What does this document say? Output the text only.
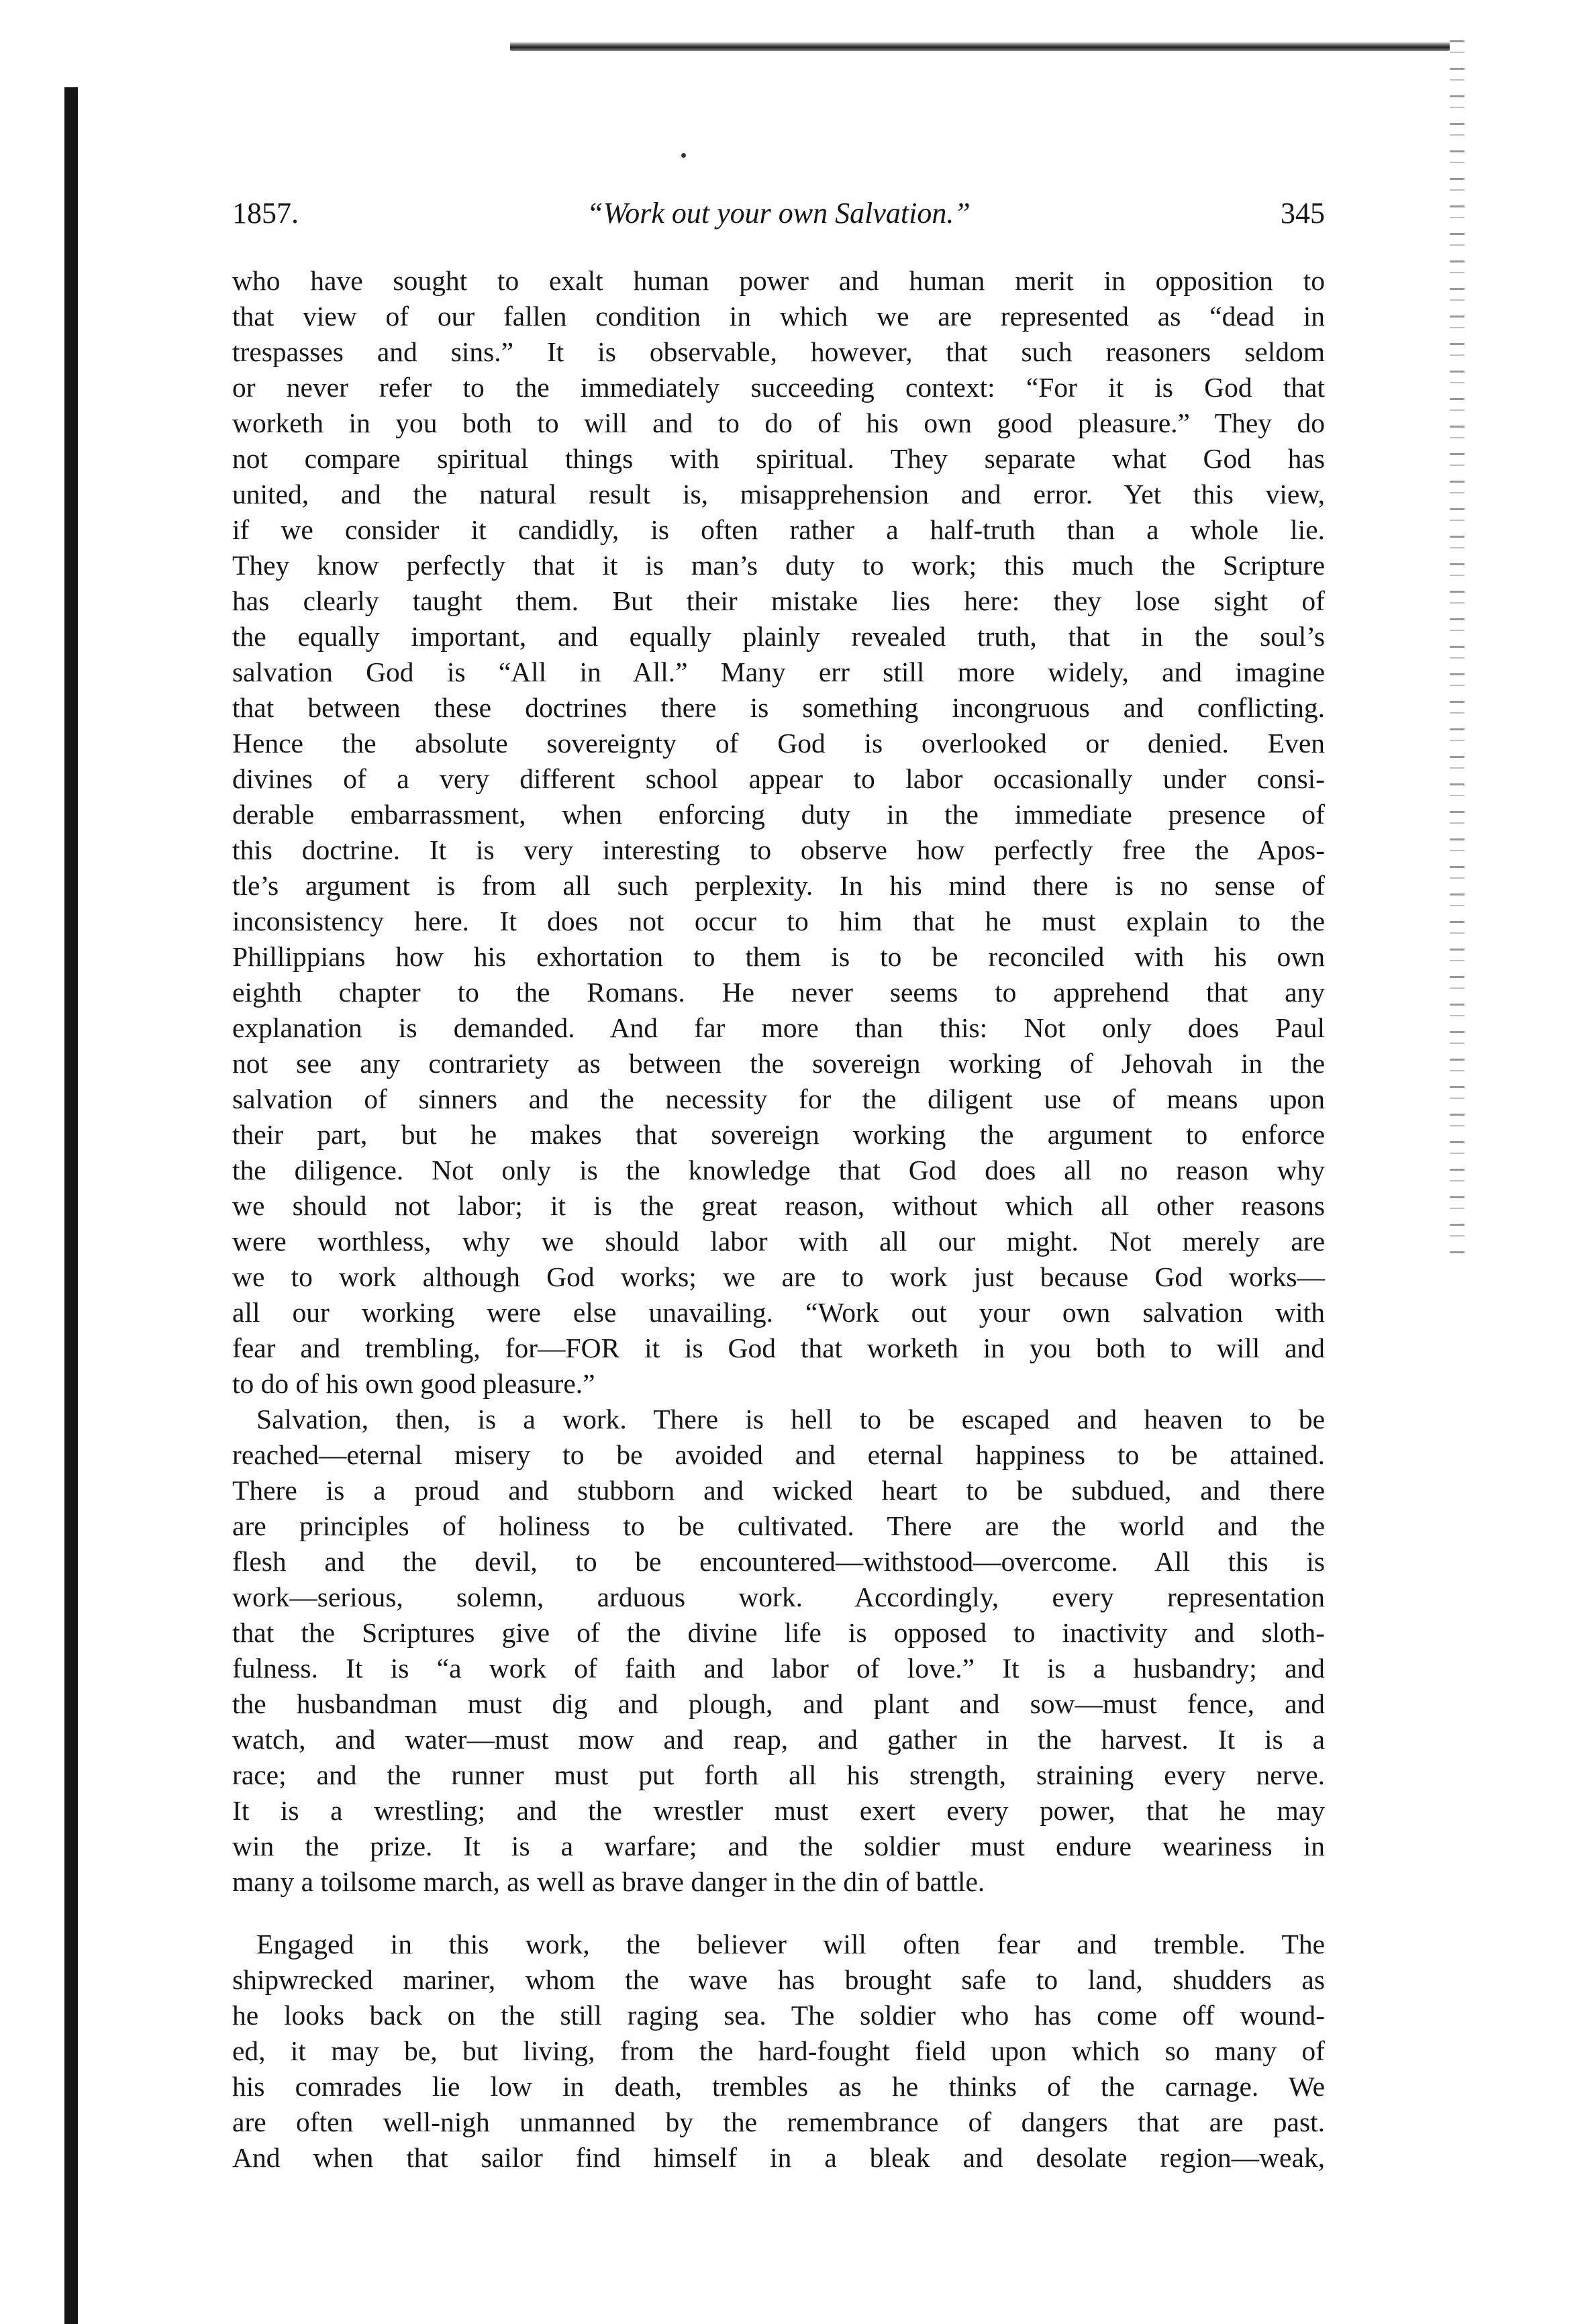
1857.	“Work out your own Salvation.”	345
who have sought to exalt human power and human merit in opposition to
that view of our fallen condition in which we are represented as “dead in
trespasses and sins.” It is observable, however, that such reasoners seldom
or never refer to the immediately succeeding context: “For it is God that
worketh in you both to will and to do of his own good pleasure.” They do
not compare spiritual things with spiritual. They separate what God has
united, and the natural result is, misapprehension and error. Yet this view,
if we consider it candidly, is often rather a half-truth than a whole lie.
They know perfectly that it is man’s duty to work; this much the Scripture
has clearly taught them. But their mistake lies here: they lose sight of
the equally important, and equally plainly revealed truth, that in the soul’s
salvation God is “All in All.” Many err still more widely, and imagine
that between these doctrines there is something incongruous and conflicting.
Hence the absolute sovereignty of God is overlooked or denied. Even
divines of a very different school appear to labor occasionally under consi-
derable embarrassment, when enforcing duty in the immediate presence of
this doctrine. It is very interesting to observe how perfectly free the Apos-
tle’s argument is from all such perplexity. In his mind there is no sense of
inconsistency here. It does not occur to him that he must explain to the
Phillippians how his exhortation to them is to be reconciled with his own
eighth chapter to the Romans. He never seems to apprehend that any
explanation is demanded. And far more than this: Not only does Paul
not see any contrariety as between the sovereign working of Jehovah in the
salvation of sinners and the necessity for the diligent use of means upon
their part, but he makes that sovereign working the argument to enforce
the diligence. Not only is the knowledge that God does all no reason why
we should not labor; it is the great reason, without which all other reasons
were worthless, why we should labor with all our might. Not merely are
we to work although God works; we are to work just because God works—
all our working were else unavailing. “Work out your own salvation with
fear and trembling, for—FOR it is God that worketh in you both to will and
to do of his own good pleasure.”
Salvation, then, is a work. There is hell to be escaped and heaven to be
reached—eternal misery to be avoided and eternal happiness to be attained.
There is a proud and stubborn and wicked heart to be subdued, and there
are principles of holiness to be cultivated. There are the world and the
flesh and the devil, to be encountered—withstood—overcome. All this is
work—serious, solemn, arduous work. Accordingly, every representation
that the Scriptures give of the divine life is opposed to inactivity and sloth-
fulness. It is “a work of faith and labor of love.” It is a husbandry; and
the husbandman must dig and plough, and plant and sow—must fence, and
watch, and water—must mow and reap, and gather in the harvest. It is a
race; and the runner must put forth all his strength, straining every nerve.
It is a wrestling; and the wrestler must exert every power, that he may
win the prize. It is a warfare; and the soldier must endure weariness in
many a toilsome march, as well as brave danger in the din of battle.
Engaged in this work, the believer will often fear and tremble. The
shipwrecked mariner, whom the wave has brought safe to land, shudders as
he looks back on the still raging sea. The soldier who has come off wound-
ed, it may be, but living, from the hard-fought field upon which so many of
his comrades lie low in death, trembles as he thinks of the carnage. We
are often well-nigh unmanned by the remembrance of dangers that are past.
And when that sailor find himself in a bleak and desolate region—weak,
